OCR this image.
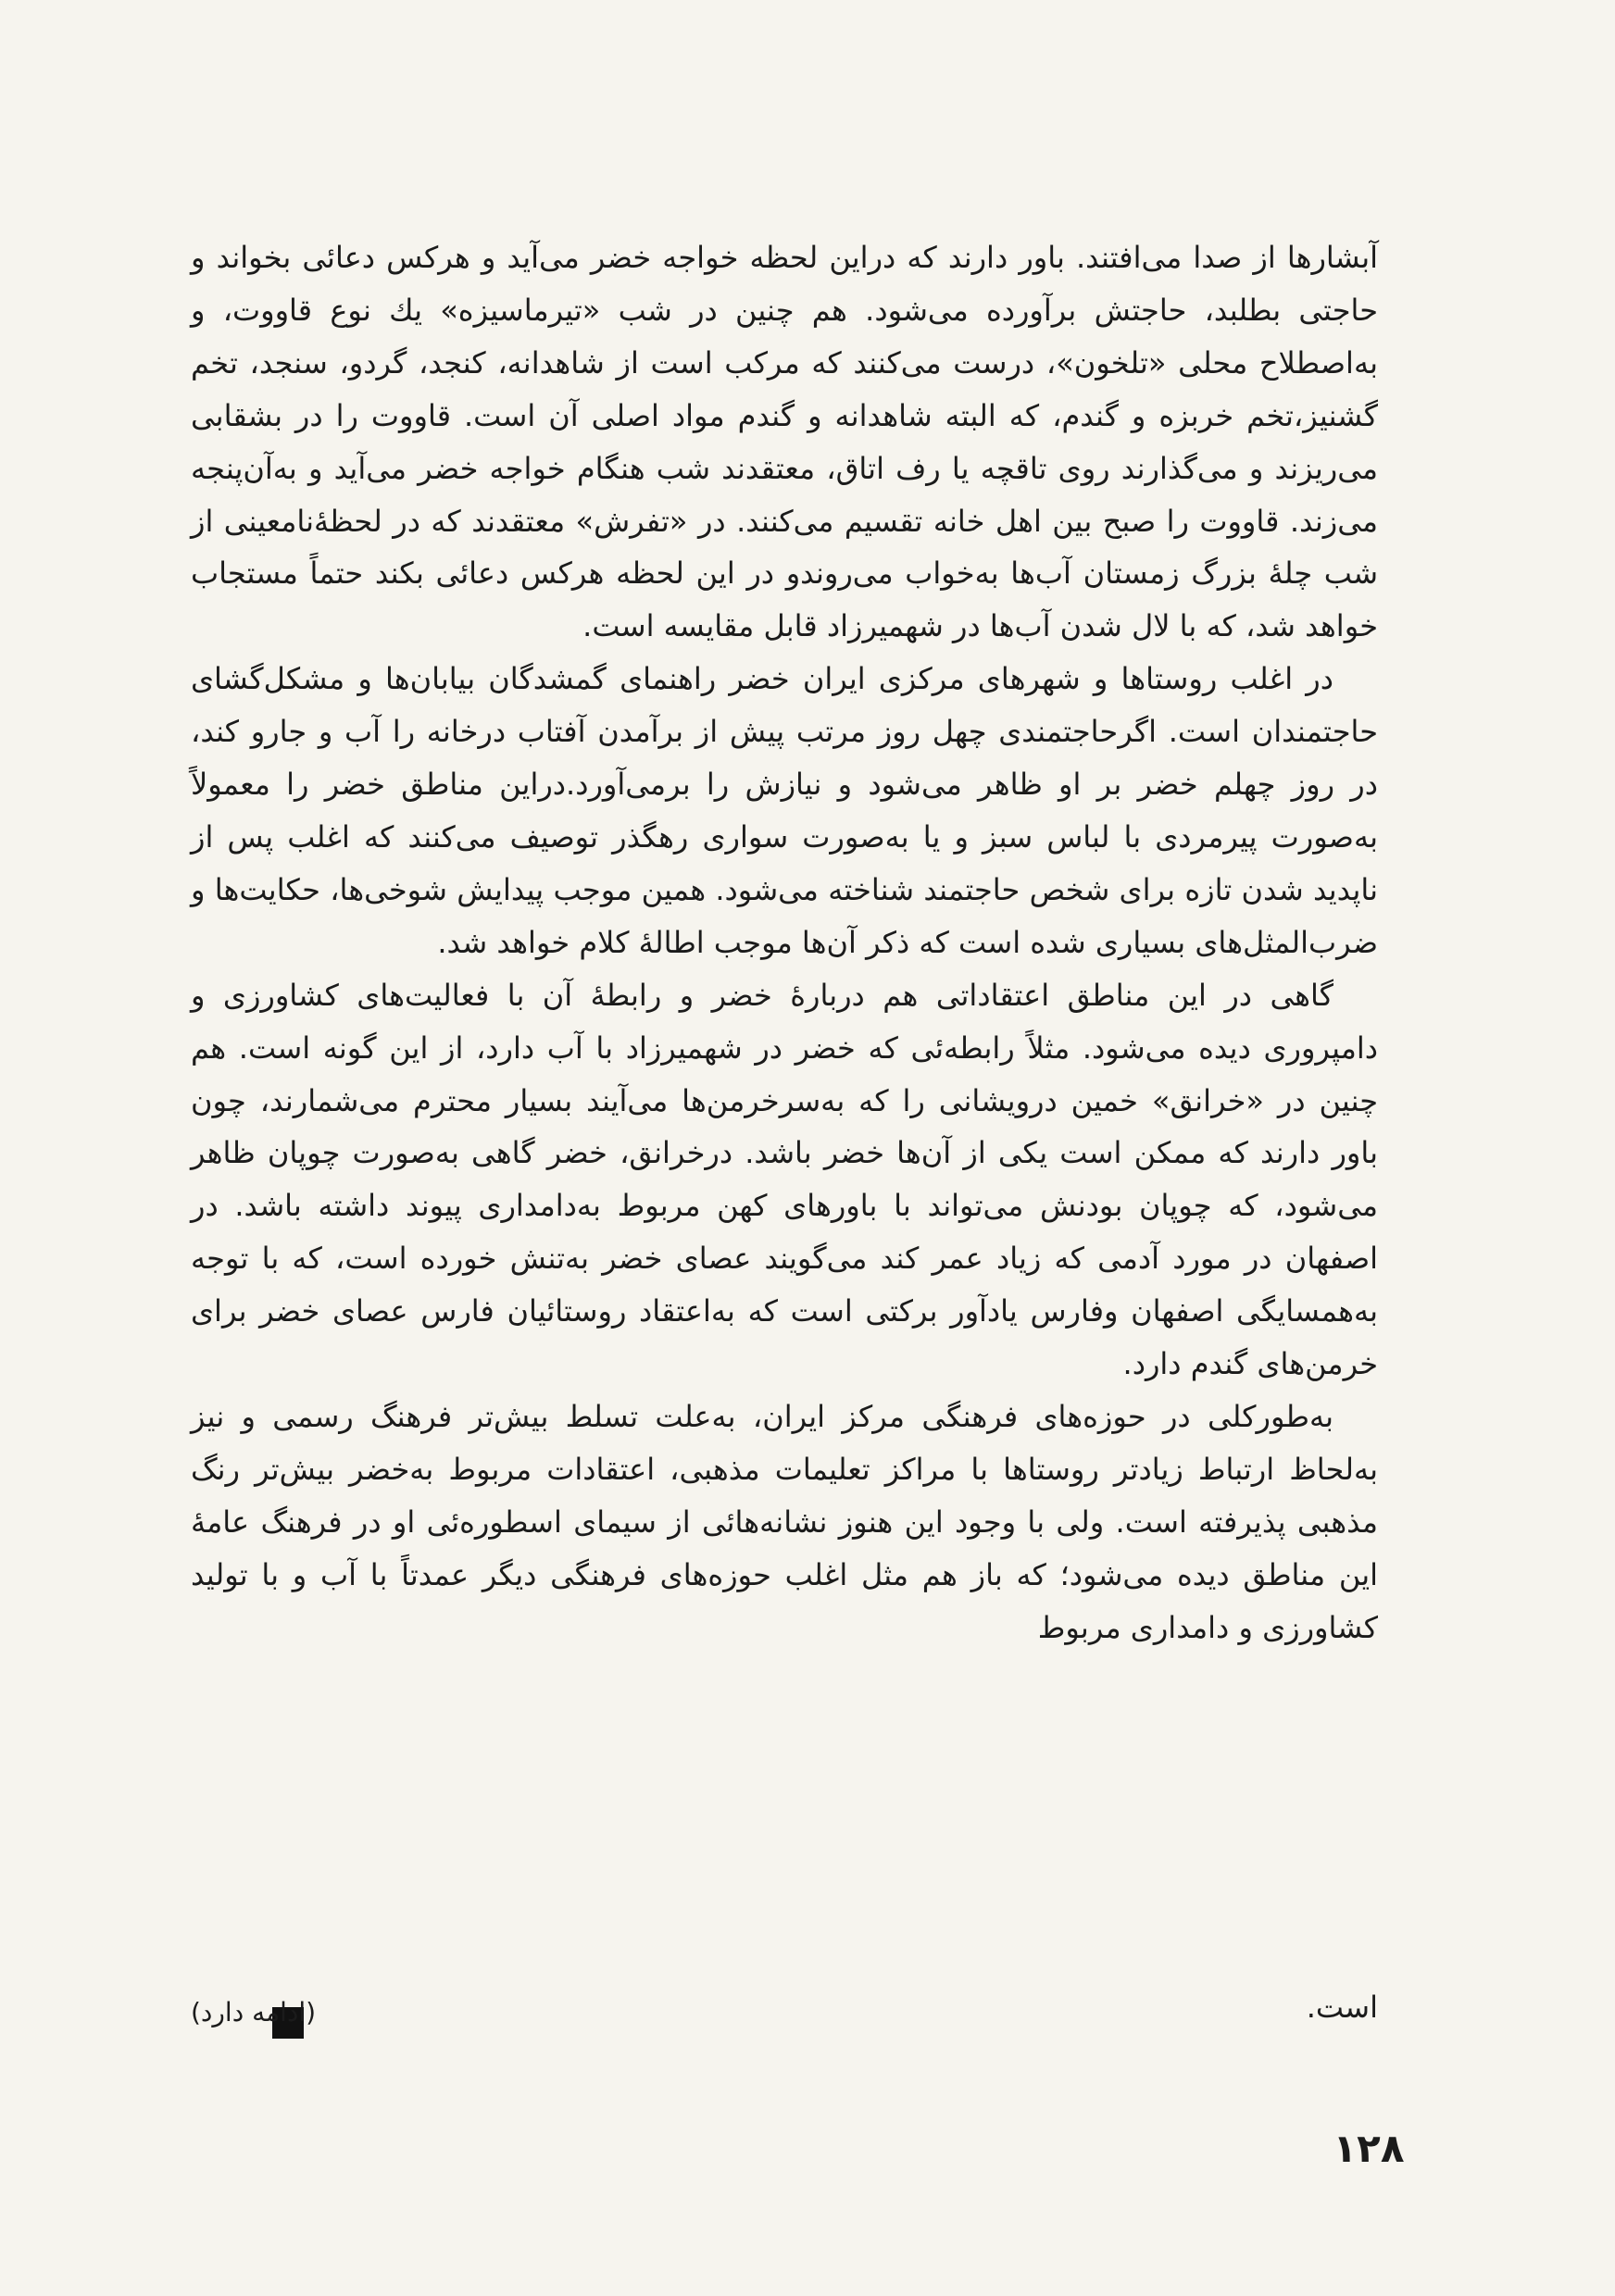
آبشارها از صدا می‌افتند. باور دارند که دراین لحظه خواجه خضر می‌آید و هرکس دعائی بخواند و حاجتی بطلبد، حاجتش برآورده می‌شود. هم چنین در شب «تیرماسیزه» یك نوع قاووت، و به‌اصطلاح محلی «تلخون»، درست می‌کنند که مرکب است از شاهدانه، کنجد، گردو، سنجد، تخم گشنیز،تخم خربزه و گندم، که البته شاهدانه و گندم مواد اصلی آن است. قاووت را در بشقابی می‌ریزند و می‌گذارند روی تاقچه یا رف اتاق، معتقدند شب هنگام خواجه خضر می‌آید و به‌آن‌پنجه می‌زند. قاووت را صبح بین اهل خانه تقسیم می‌کنند. در «تفرش» معتقدند که در لحظهٔ‌نامعینی از شب چلهٔ بزرگ زمستان آب‌ها به‌خواب می‌روندو در این لحظه هرکس دعائی بکند حتماً مستجاب خواهد شد، که با لال شدن آب‌ها در شهمیرزاد قابل مقایسه است.

در اغلب روستاها و شهرهای مرکزی ایران خضر راهنمای گمشدگان بیابان‌ها و مشکل‌گشای حاجتمندان است. اگرحاجتمندی چهل روز مرتب پیش از برآمدن آفتاب درخانه را آب و جارو کند، در روز چهلم خضر بر او ظاهر می‌شود و نیازش را برمی‌آورد.دراین مناطق خضر را معمولاً به‌صورت پیرمردی با لباس سبز و یا به‌صورت سواری رهگذر توصیف می‌کنند که اغلب پس از ناپدید شدن تازه برای شخص حاجتمند شناخته می‌شود. همین موجب پیدایش شوخی‌ها، حکایت‌ها و ضرب‌المثل‌های بسیاری شده است که ذکر آن‌ها موجب اطالهٔ کلام خواهد شد.

گاهی در این مناطق اعتقاداتی هم دربارهٔ خضر و رابطهٔ آن با فعالیت‌های کشاورزی و دامپروری دیده می‌شود. مثلاً رابطه‌ئی که خضر در شهمیرزاد با آب دارد، از این گونه است. هم چنین در «خرانق» خمین درویشانی را که به‌سرخرمن‌ها می‌آیند بسیار محترم می‌شمارند، چون باور دارند که ممکن است یکی از آن‌ها خضر باشد. درخرانق، خضر گاهی به‌صورت چوپان ظاهر می‌شود، که چوپان بودنش می‌تواند با باورهای کهن مربوط به‌دامداری پیوند داشته باشد. در اصفهان در مورد آدمی که زیاد عمر کند می‌گویند عصای خضر به‌تنش خورده است، که با توجه به‌همسایگی اصفهان وفارس یادآور برکتی است که به‌اعتقاد روستائیان فارس عصای خضر برای خرمن‌های گندم دارد.

به‌طورکلی در حوزه‌های فرهنگی مرکز ایران، به‌علت تسلط بیش‌تر فرهنگ رسمی و نیز به‌لحاظ ارتباط زیادتر روستاها با مراکز تعلیمات مذهبی، اعتقادات مربوط به‌خضر بیش‌تر رنگ مذهبی پذیرفته است. ولی با وجود این هنوز نشانه‌هائی از سیمای اسطوره‌ئی او در فرهنگ عامهٔ این مناطق دیده می‌شود؛ که باز هم مثل اغلب حوزه‌های فرهنگی دیگر عمدتاً با آب و با تولید کشاورزی و دامداری مربوط

است.
(ادامه دارد)
۱۲۸
